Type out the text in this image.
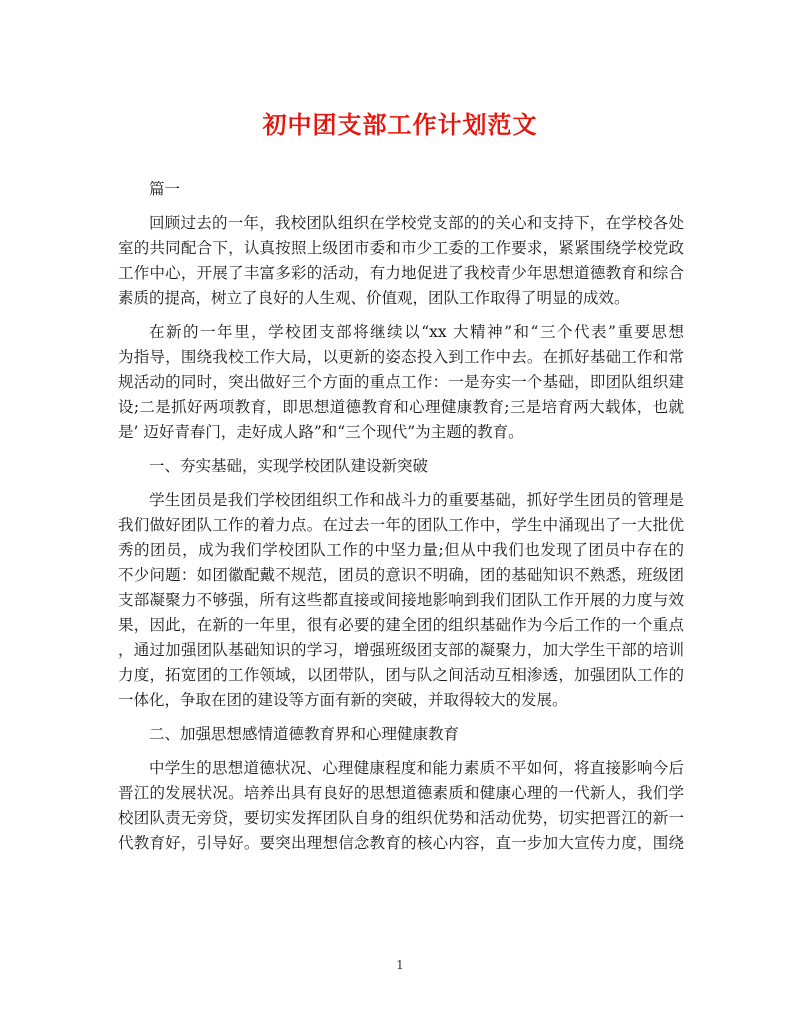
初中团支部工作计划范文
篇一
回顾过去的一年，我校团队组织在学校党支部的的关心和支持下，在学校各处
室的共同配合下，认真按照上级团市委和市少工委的工作要求，紧紧围绕学校党政
工作中心，开展了丰富多彩的活动，有力地促进了我校青少年思想道德教育和综合
素质的提高，树立了良好的人生观、价值观，团队工作取得了明显的成效。
在新的一年里，学校团支部将继续以“xx 大精神”和“三个代表”重要思想
为指导，围绕我校工作大局，以更新的姿态投入到工作中去。在抓好基础工作和常
规活动的同时，突出做好三个方面的重点工作：一是夯实一个基础，即团队组织建
设;二是抓好两项教育，即思想道德教育和心理健康教育;三是培育两大载体，也就
是’ 迈好青春门，走好成人路”和“三个现代”为主题的教育。
一、夯实基础，实现学校团队建设新突破
学生团员是我们学校团组织工作和战斗力的重要基础，抓好学生团员的管理是
我们做好团队工作的着力点。在过去一年的团队工作中，学生中涌现出了一大批优
秀的团员，成为我们学校团队工作的中坚力量;但从中我们也发现了团员中存在的
不少问题：如团徽配戴不规范，团员的意识不明确，团的基础知识不熟悉，班级团
支部凝聚力不够强，所有这些都直接或间接地影响到我们团队工作开展的力度与效
果，因此，在新的一年里，很有必要的建全团的组织基础作为今后工作的一个重点
，通过加强团队基础知识的学习，增强班级团支部的凝聚力，加大学生干部的培训
力度，拓宽团的工作领域，以团带队，团与队之间活动互相渗透，加强团队工作的
一体化，争取在团的建设等方面有新的突破，并取得较大的发展。
二、加强思想感情道德教育界和心理健康教育
中学生的思想道德状况、心理健康程度和能力素质不平如何，将直接影响今后
晋江的发展状况。培养出具有良好的思想道德素质和健康心理的一代新人，我们学
校团队责无旁贷，要切实发挥团队自身的组织优势和活动优势，切实把晋江的新一
代教育好，引导好。要突出理想信念教育的核心内容，直一步加大宣传力度，围绕
1
